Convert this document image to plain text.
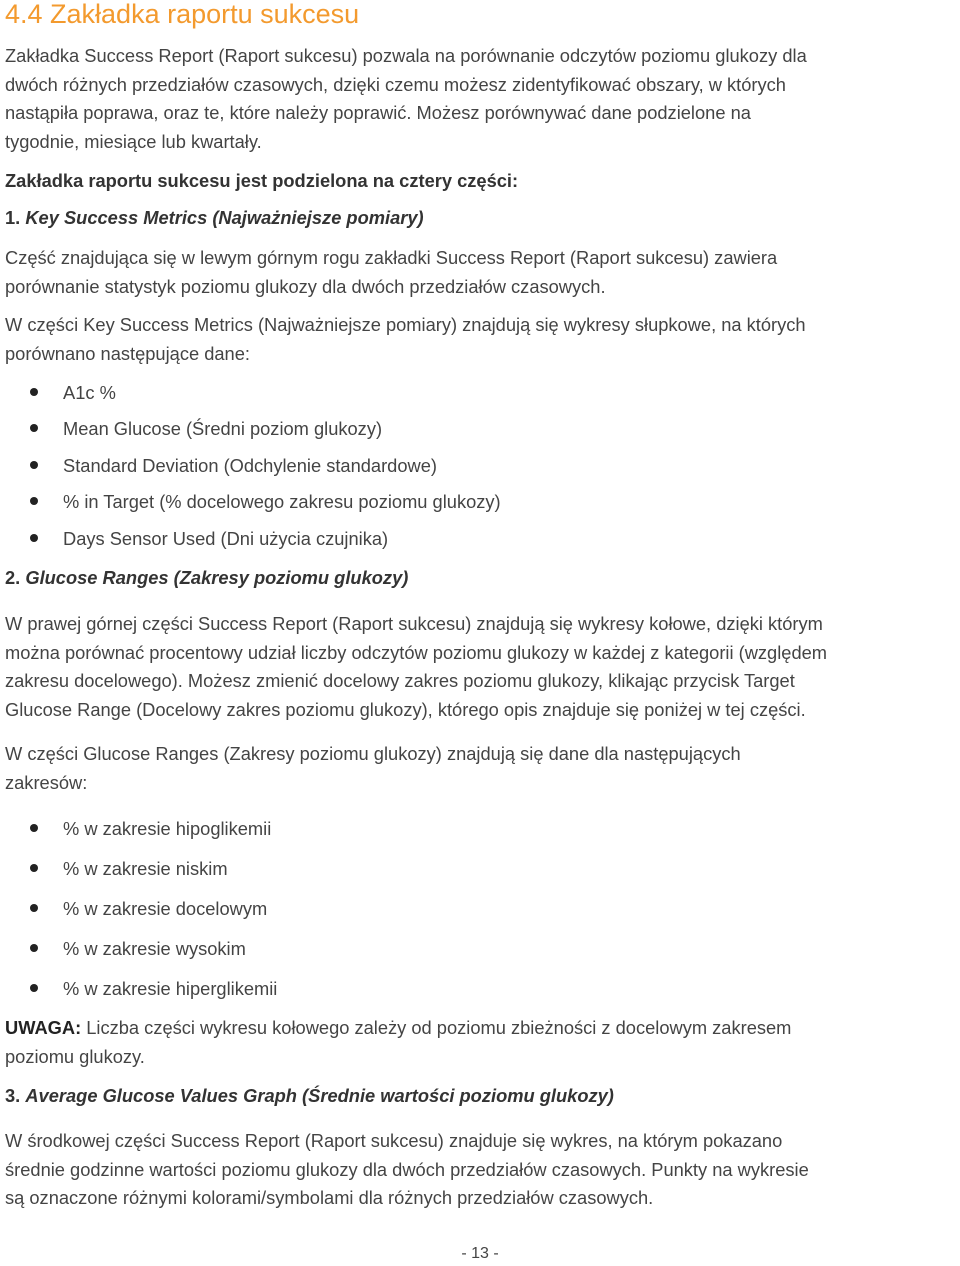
4.4 Zakładka raportu sukcesu
Zakładka Success Report (Raport sukcesu) pozwala na porównanie odczytów poziomu glukozy dla
dwóch różnych przedziałów czasowych, dzięki czemu możesz zidentyfikować obszary, w których
nastąpiła poprawa, oraz te, które należy poprawić. Możesz porównywać dane podzielone na
tygodnie, miesiące lub kwartały.
Zakładka raportu sukcesu jest podzielona na cztery części:
1. Key Success Metrics (Najważniejsze pomiary)
Część znajdująca się w lewym górnym rogu zakładki Success Report (Raport sukcesu) zawiera
porównanie statystyk poziomu glukozy dla dwóch przedziałów czasowych.
W części Key Success Metrics (Najważniejsze pomiary) znajdują się wykresy słupkowe, na których
porównano następujące dane:
A1c %
Mean Glucose (Średni poziom glukozy)
Standard Deviation (Odchylenie standardowe)
% in Target (% docelowego zakresu poziomu glukozy)
Days Sensor Used (Dni użycia czujnika)
2. Glucose Ranges (Zakresy poziomu glukozy)
W prawej górnej części Success Report (Raport sukcesu) znajdują się wykresy kołowe, dzięki którym
można porównać procentowy udział liczby odczytów poziomu glukozy w każdej z kategorii (względem
zakresu docelowego). Możesz zmienić docelowy zakres poziomu glukozy, klikając przycisk Target
Glucose Range (Docelowy zakres poziomu glukozy), którego opis znajduje się poniżej w tej części.
W części Glucose Ranges (Zakresy poziomu glukozy) znajdują się dane dla następujących
zakresów:
% w zakresie hipoglikemii
% w zakresie niskim
% w zakresie docelowym
% w zakresie wysokim
% w zakresie hiperglikemii
UWAGA: Liczba części wykresu kołowego zależy od poziomu zbieżności z docelowym zakresem
poziomu glukozy.
3. Average Glucose Values Graph (Średnie wartości poziomu glukozy)
W środkowej części Success Report (Raport sukcesu) znajduje się wykres, na którym pokazano
średnie godzinne wartości poziomu glukozy dla dwóch przedziałów czasowych. Punkty na wykresie
są oznaczone różnymi kolorami/symbolami dla różnych przedziałów czasowych.
- 13 -
